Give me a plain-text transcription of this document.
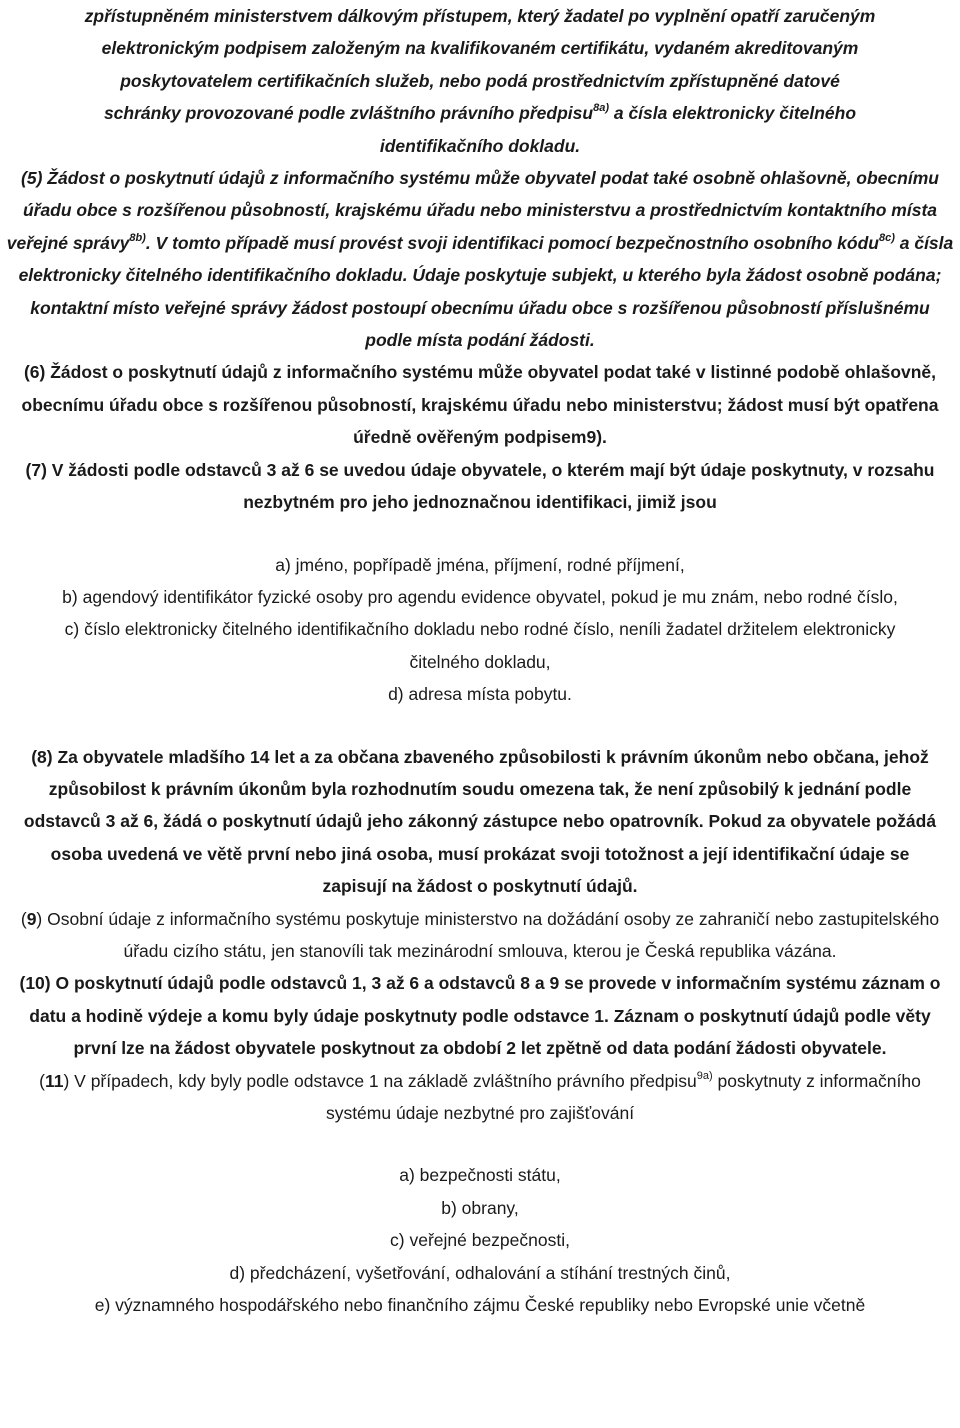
zpřístupněném ministerstvem dálkovým přístupem, který žadatel po vyplnění opatří zaručeným elektronickým podpisem založeným na kvalifikovaném certifikátu, vydaném akreditovaným poskytovatelem certifikačních služeb, nebo podá prostřednictvím zpřístupněné datové schránky provozované podle zvláštního právního předpisu$^{8a)}$ a čísla elektronicky čitelného identifikačního dokladu.

(5) Žádost o poskytnutí údajů z informačního systému může obyvatel podat také osobně ohlašovně, obecnímu úřadu obce s rozšířenou působností, krajskému úřadu nebo ministerstvu a prostřednictvím kontaktního místa veřejné správy$^{8b)}$. V tomto případě musí provést svoji identifikaci pomocí bezpečnostního osobního kódu$^{8c)}$ a čísla elektronicky čitelného identifikačního dokladu. Údaje poskytuje subjekt, u kterého byla žádost osobně podána; kontaktní místo veřejné správy žádost postoupí obecnímu úřadu obce s rozšířenou působností příslušnému podle místa podání žádosti.

(6) Žádost o poskytnutí údajů z informačního systému může obyvatel podat také v listinné podobě ohlašovně, obecnímu úřadu obce s rozšířenou působností, krajskému úřadu nebo ministerstvu; žádost musí být opatřena úředně ověřeným podpisem9).

(7) V žádosti podle odstavců 3 až 6 se uvedou údaje obyvatele, o kterém mají být údaje poskytnuty, v rozsahu nezbytném pro jeho jednoznačnou identifikaci, jimiž jsou

a) jméno, popřípadě jména, příjmení, rodné příjmení,

b) agendový identifikátor fyzické osoby pro agendu evidence obyvatel, pokud je mu znám, nebo rodné číslo,

c) číslo elektronicky čitelného identifikačního dokladu nebo rodné číslo, neníli žadatel držitelem elektronicky čitelného dokladu,

d) adresa místa pobytu.

(8) Za obyvatele mladšího 14 let a za občana zbaveného způsobilosti k právním úkonům nebo občana, jehož způsobilost k právním úkonům byla rozhodnutím soudu omezena tak, že není způsobilý k jednání podle odstavců 3 až 6, žádá o poskytnutí údajů jeho zákonný zástupce nebo opatrovník. Pokud za obyvatele požádá osoba uvedená ve větě první nebo jiná osoba, musí prokázat svoji totožnost a její identifikační údaje se zapisují na žádost o poskytnutí údajů.

(9) Osobní údaje z informačního systému poskytuje ministerstvo na dožádání osoby ze zahraničí nebo zastupitelského úřadu cizího státu, jen stanovíli tak mezinárodní smlouva, kterou je Česká republika vázána.

(10) O poskytnutí údajů podle odstavců 1, 3 až 6 a odstavců 8 a 9 se provede v informačním systému záznam o datu a hodině výdeje a komu byly údaje poskytnuty podle odstavce 1. Záznam o poskytnutí údajů podle věty první lze na žádost obyvatele poskytnout za období 2 let zpětně od data podání žádosti obyvatele.

(11) V případech, kdy byly podle odstavce 1 na základě zvláštního právního předpisu$^{9a)}$ poskytnuty z informačního systému údaje nezbytné pro zajišťování

a) bezpečnosti státu,

b) obrany,

c) veřejné bezpečnosti,

d) předcházení, vyšetřování, odhalování a stíhání trestných činů,

e) významného hospodářského nebo finančního zájmu České republiky nebo Evropské unie včetně
